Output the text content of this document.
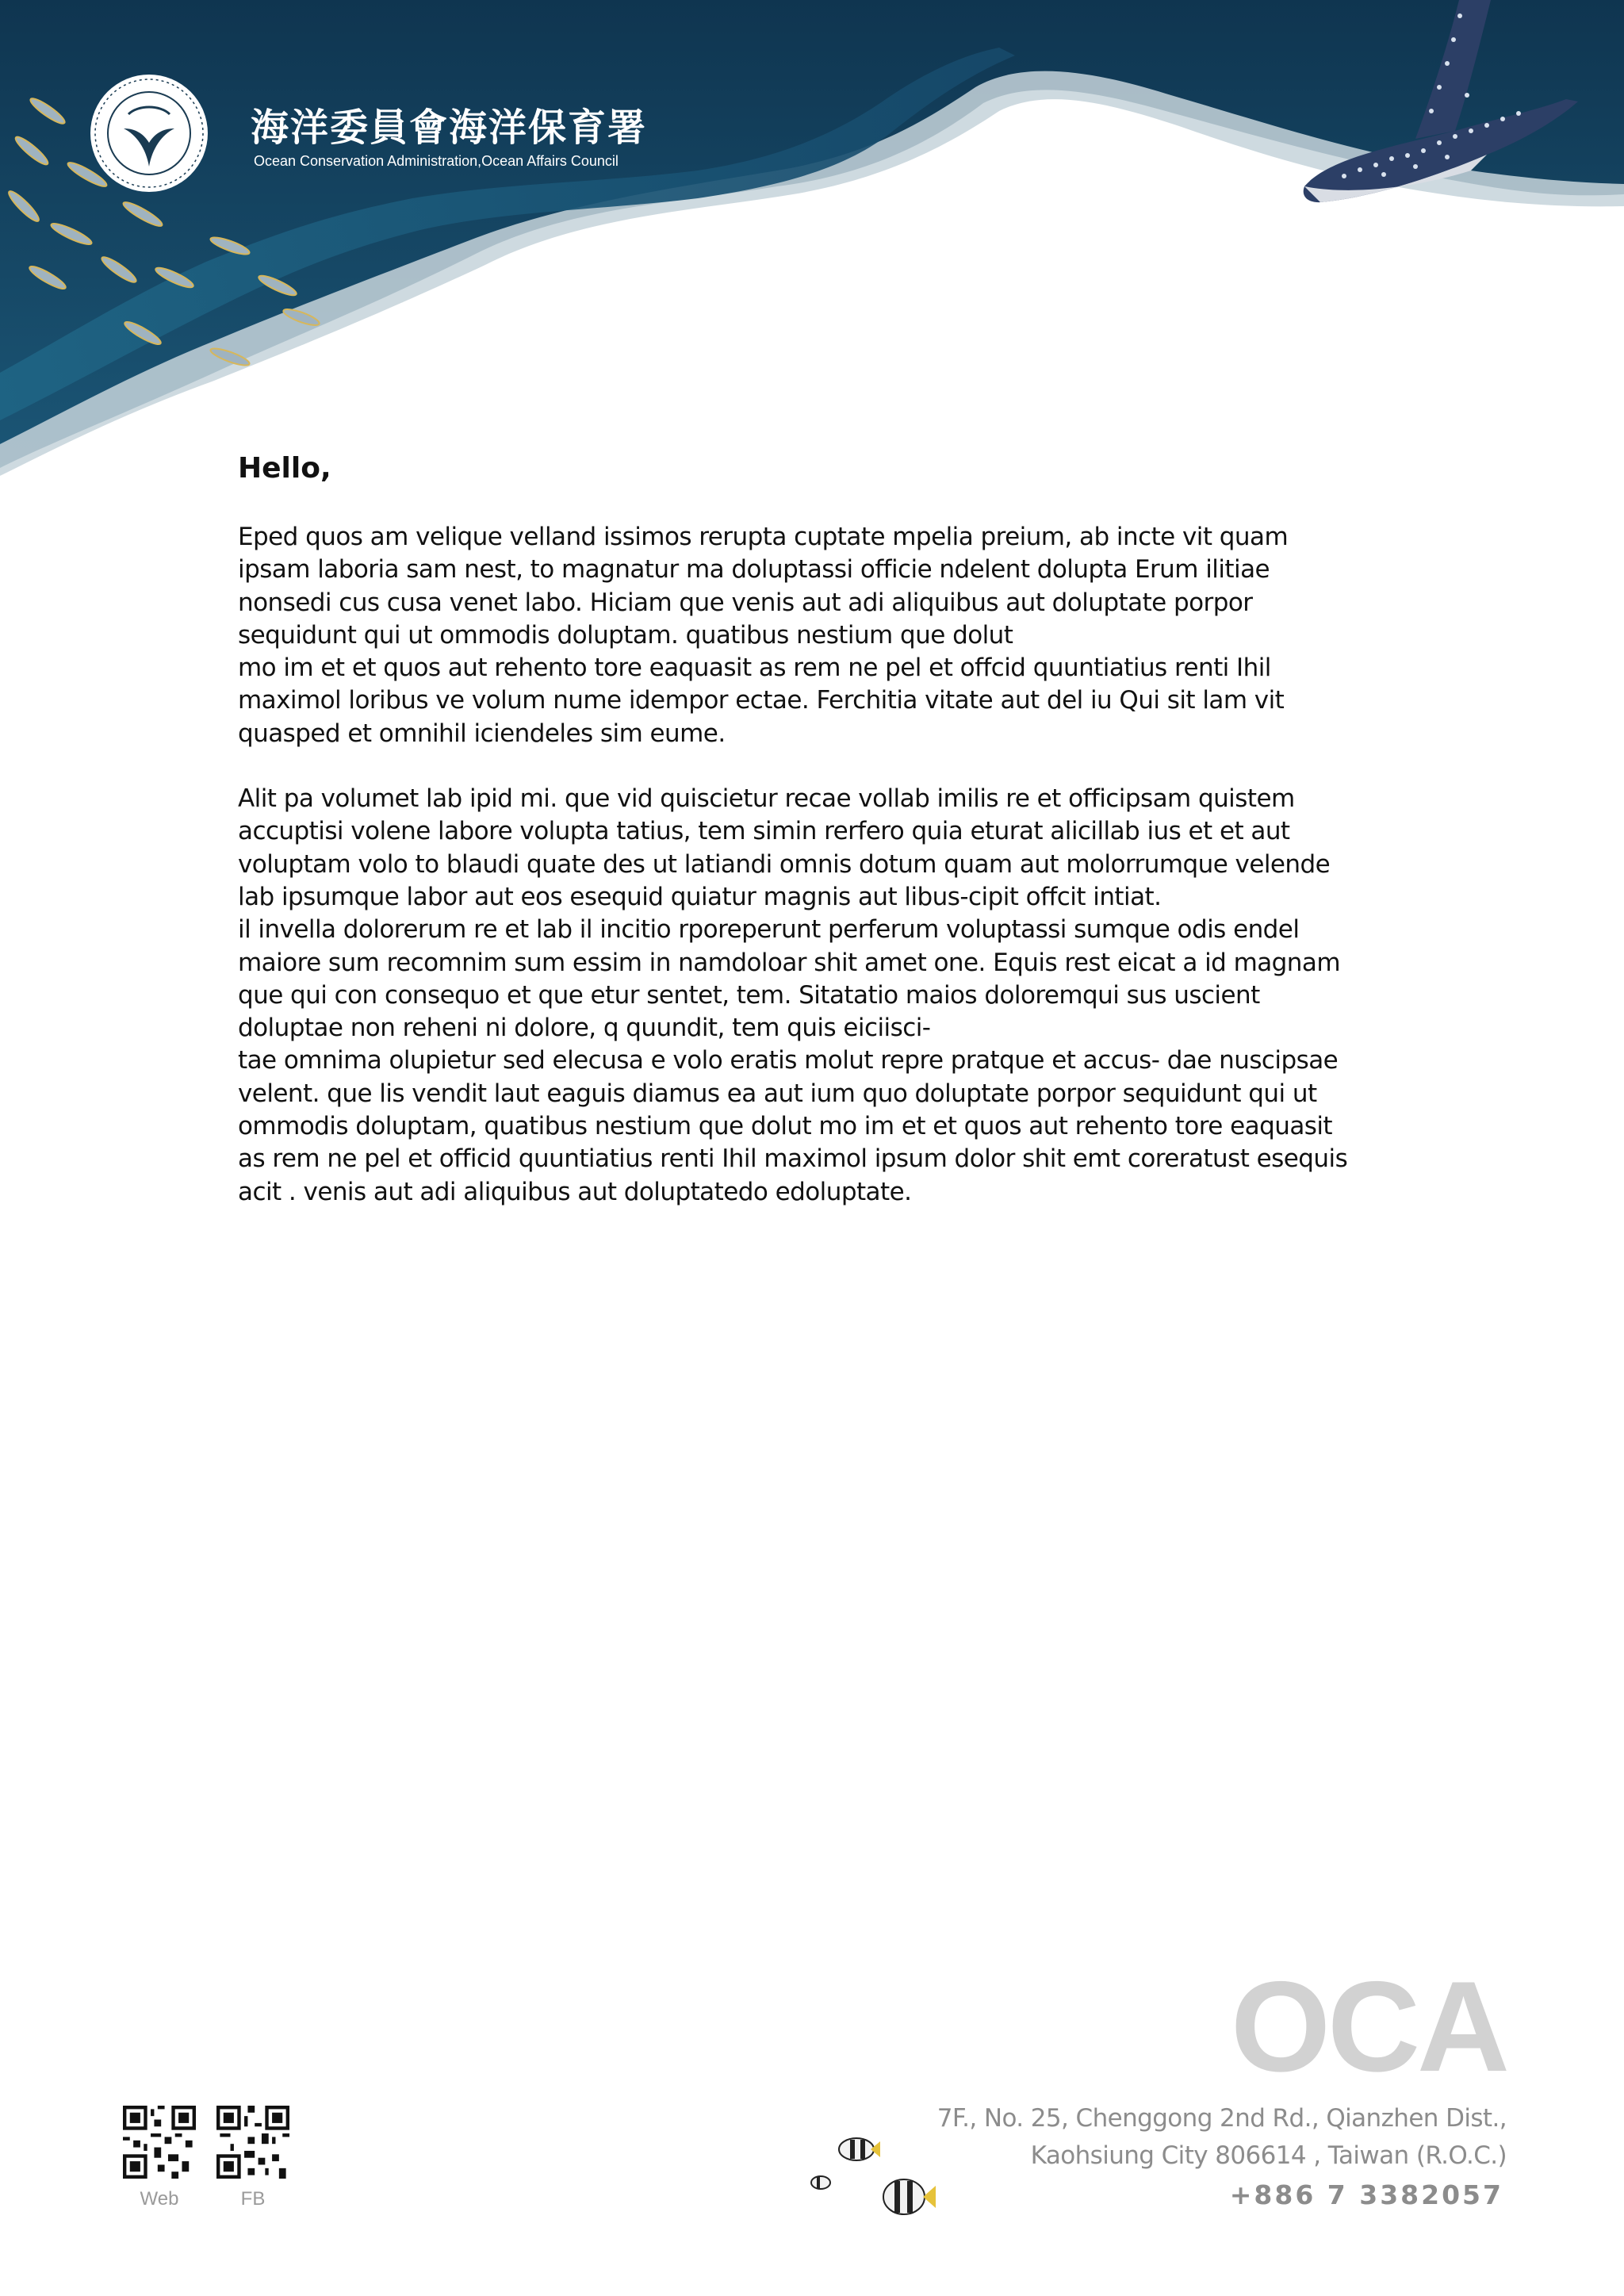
海洋委員會海洋保育署
Ocean Conservation Administration,Ocean Affairs Council
Hello,
Eped quos am velique velland issimos rerupta cuptate mpelia preium, ab incte vit quam
ipsam laboria sam nest, to magnatur ma doluptassi officie ndelent dolupta Erum ilitiae
nonsedi cus cusa venet labo. Hiciam que venis aut adi aliquibus aut doluptate porpor
sequidunt qui ut ommodis doluptam. quatibus nestium que dolut
mo im et et quos aut rehento tore eaquasit as rem ne pel et offcid quuntiatius renti Ihil
maximol loribus ve volum nume idempor ectae. Ferchitia vitate aut del iu Qui sit lam vit
quasped et omnihil iciendeles sim eume.
Alit pa volumet lab ipid mi. que vid quiscietur recae vollab imilis re et officipsam quistem
accuptisi volene labore volupta tatius, tem simin rerfero quia eturat alicillab ius et et aut
voluptam volo to blaudi quate des ut latiandi omnis dotum quam aut molorrumque velende
lab ipsumque labor aut eos esequid quiatur magnis aut libus-cipit offcit intiat.
il invella dolorerum re et lab il incitio rporeperunt perferum voluptassi sumque odis endel
maiore sum recomnim sum essim in namdoloar shit amet one. Equis rest eicat a id magnam
que qui con consequo et que etur sentet, tem. Sitatatio maios doloremqui sus uscient
doluptae non reheni ni dolore, q quundit, tem quis eiciisci-
tae omnima olupietur sed elecusa e volo eratis molut repre pratque et accus- dae nuscipsae
velent. que lis vendit laut eaguis diamus ea aut ium quo doluptate porpor sequidunt qui ut
ommodis doluptam, quatibus nestium que dolut mo im et et quos aut rehento tore eaquasit
as rem ne pel et officid quuntiatius renti Ihil maximol ipsum dolor shit emt coreratust esequis
acit . venis aut adi aliquibus aut doluptatedo edoluptate.
Web	FB
OCA
7F., No. 25, Chenggong 2nd Rd., Qianzhen Dist.,
Kaohsiung City 806614 , Taiwan (R.O.C.)
+886 7 3382057
